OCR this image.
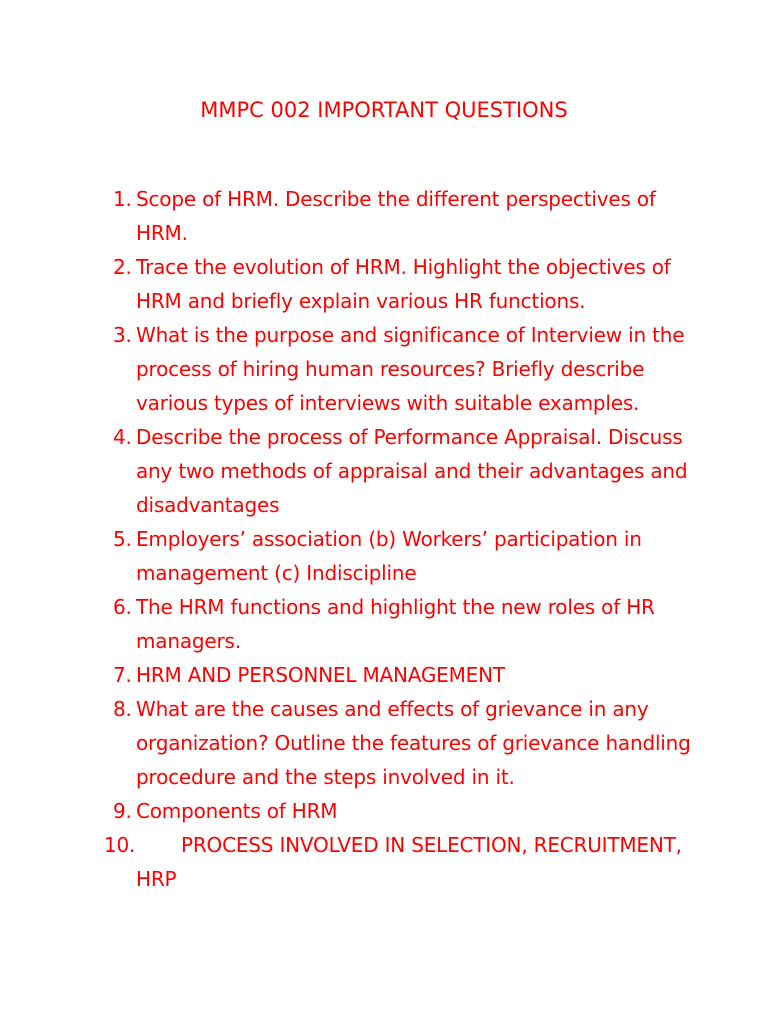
MMPC 002 IMPORTANT QUESTIONS
1. Scope of HRM. Describe the different perspectives of HRM.
2. Trace the evolution of HRM. Highlight the objectives of HRM and briefly explain various HR functions.
3. What is the purpose and significance of Interview in the process of hiring human resources? Briefly describe various types of interviews with suitable examples.
4. Describe the process of Performance Appraisal. Discuss any two methods of appraisal and their advantages and disadvantages
5. Employers’ association (b) Workers’ participation in management (c) Indiscipline
6. The HRM functions and highlight the new roles of HR managers.
7. HRM AND PERSONNEL MANAGEMENT
8. What are the causes and effects of grievance in any organization? Outline the features of grievance handling procedure and the steps involved in it.
9. Components of HRM
10. PROCESS INVOLVED IN SELECTION, RECRUITMENT, HRP
